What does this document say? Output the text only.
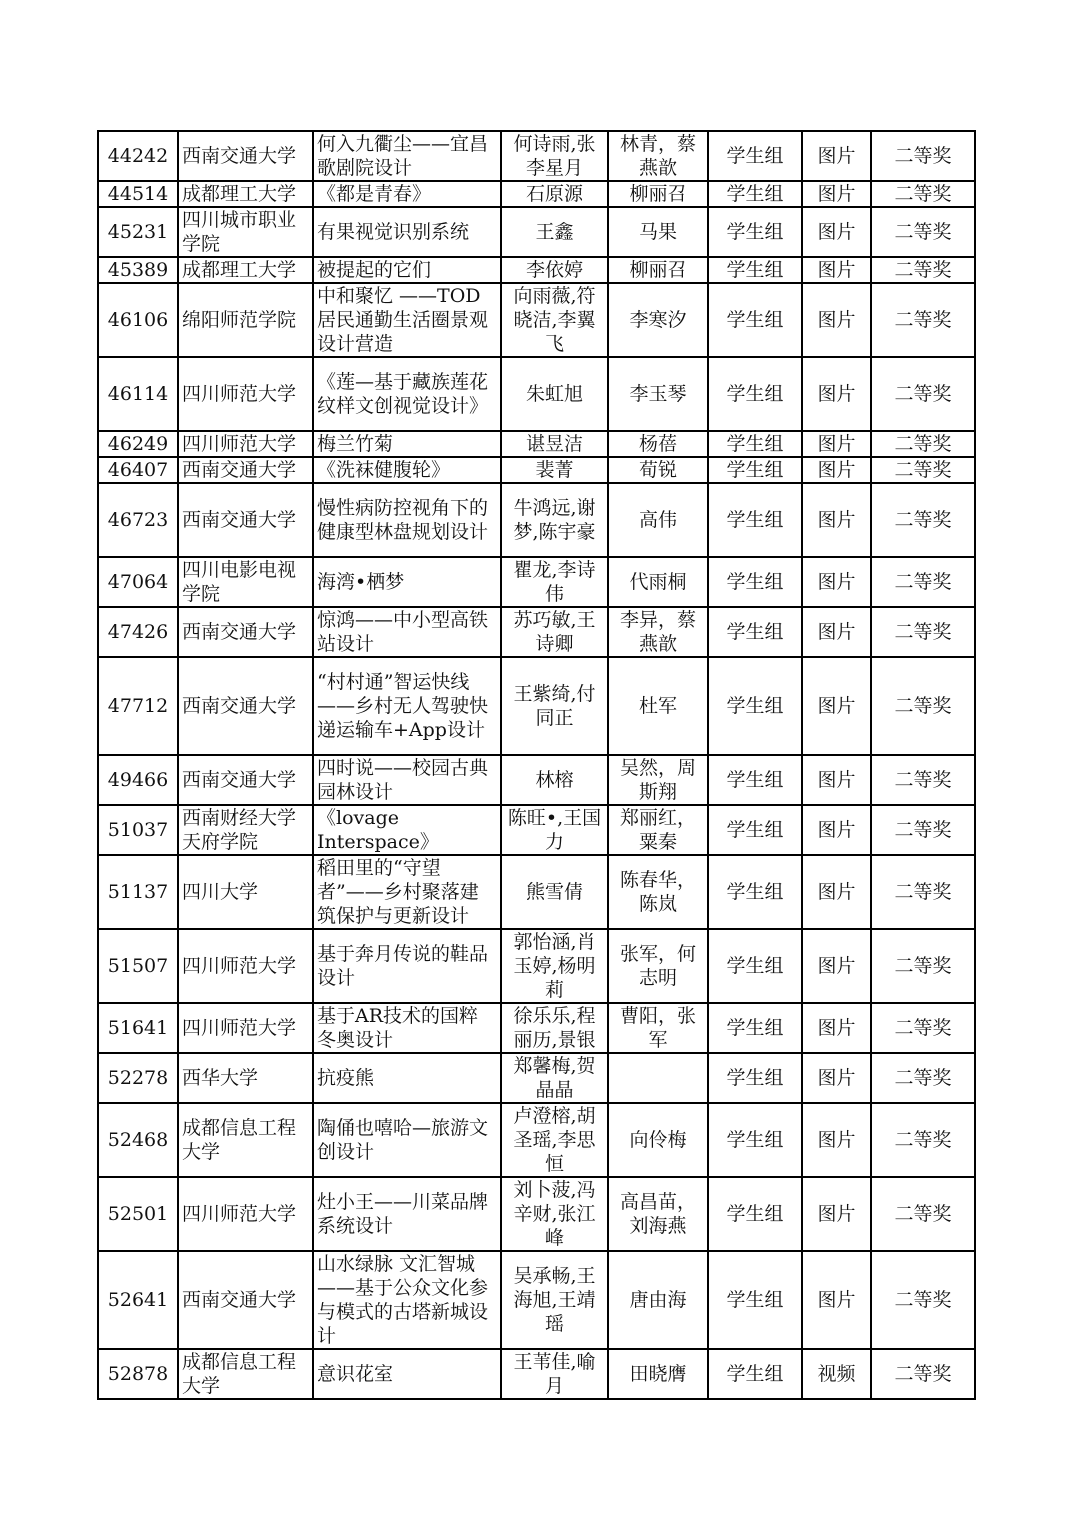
44242	西南交通大学	何入九衢尘——宜昌歌剧院设计	何诗雨,张李星月	林青，蔡燕歆	学生组	图片	二等奖
44514	成都理工大学	《都是青春》	石原源	柳丽召	学生组	图片	二等奖
45231	四川城市职业学院	有果视觉识别系统	王鑫	马果	学生组	图片	二等奖
45389	成都理工大学	被提起的它们	李依婷	柳丽召	学生组	图片	二等奖
46106	绵阳师范学院	中和聚忆 ——TOD居民通勤生活圈景观设计营造	向雨薇,符晓洁,李翼飞	李寒汐	学生组	图片	二等奖
46114	四川师范大学	《莲—基于藏族莲花纹样文创视觉设计》	朱虹旭	李玉琴	学生组	图片	二等奖
46249	四川师范大学	梅兰竹菊	谌昱洁	杨蓓	学生组	图片	二等奖
46407	西南交通大学	《洗袜健腹轮》	裴菁	荀锐	学生组	图片	二等奖
46723	西南交通大学	慢性病防控视角下的健康型林盘规划设计	牛鸿远,谢梦,陈宇豪	高伟	学生组	图片	二等奖
47064	四川电影电视学院	海湾•栖梦	瞿龙,李诗伟	代雨桐	学生组	图片	二等奖
47426	西南交通大学	惊鸿——中小型高铁站设计	苏巧敏,王诗卿	李异，蔡燕歆	学生组	图片	二等奖
47712	西南交通大学	“村村通”智运快线——乡村无人驾驶快递运输车+App设计	王紫绮,付同正	杜军	学生组	图片	二等奖
49466	西南交通大学	四时说——校园古典园林设计	林榕	吴然，周斯翔	学生组	图片	二等奖
51037	西南财经大学天府学院	《lovage Interspace》	陈旺•,王国力	郑丽红，粟秦	学生组	图片	二等奖
51137	四川大学	稻田里的“守望者”——乡村聚落建筑保护与更新设计	熊雪倩	陈春华，陈岚	学生组	图片	二等奖
51507	四川师范大学	基于奔月传说的鞋品设计	郭怡涵,肖玉婷,杨明莉	张军，何志明	学生组	图片	二等奖
51641	四川师范大学	基于AR技术的国粹冬奥设计	徐乐乐,程丽历,景银	曹阳，张军	学生组	图片	二等奖
52278	西华大学	抗疫熊	郑馨梅,贺晶晶		学生组	图片	二等奖
52468	成都信息工程大学	陶俑也嘻哈—旅游文创设计	卢澄榕,胡圣瑶,李思恒	向伶梅	学生组	图片	二等奖
52501	四川师范大学	灶小王——川菜品牌系统设计	刘卜菠,冯辛财,张江峰	高昌苗，刘海燕	学生组	图片	二等奖
52641	西南交通大学	山水绿脉 文汇智城——基于公众文化参与模式的古塔新城设计	吴承畅,王海旭,王靖瑶	唐由海	学生组	图片	二等奖
52878	成都信息工程大学	意识花室	王苇佳,喻月	田晓膺	学生组	视频	二等奖
